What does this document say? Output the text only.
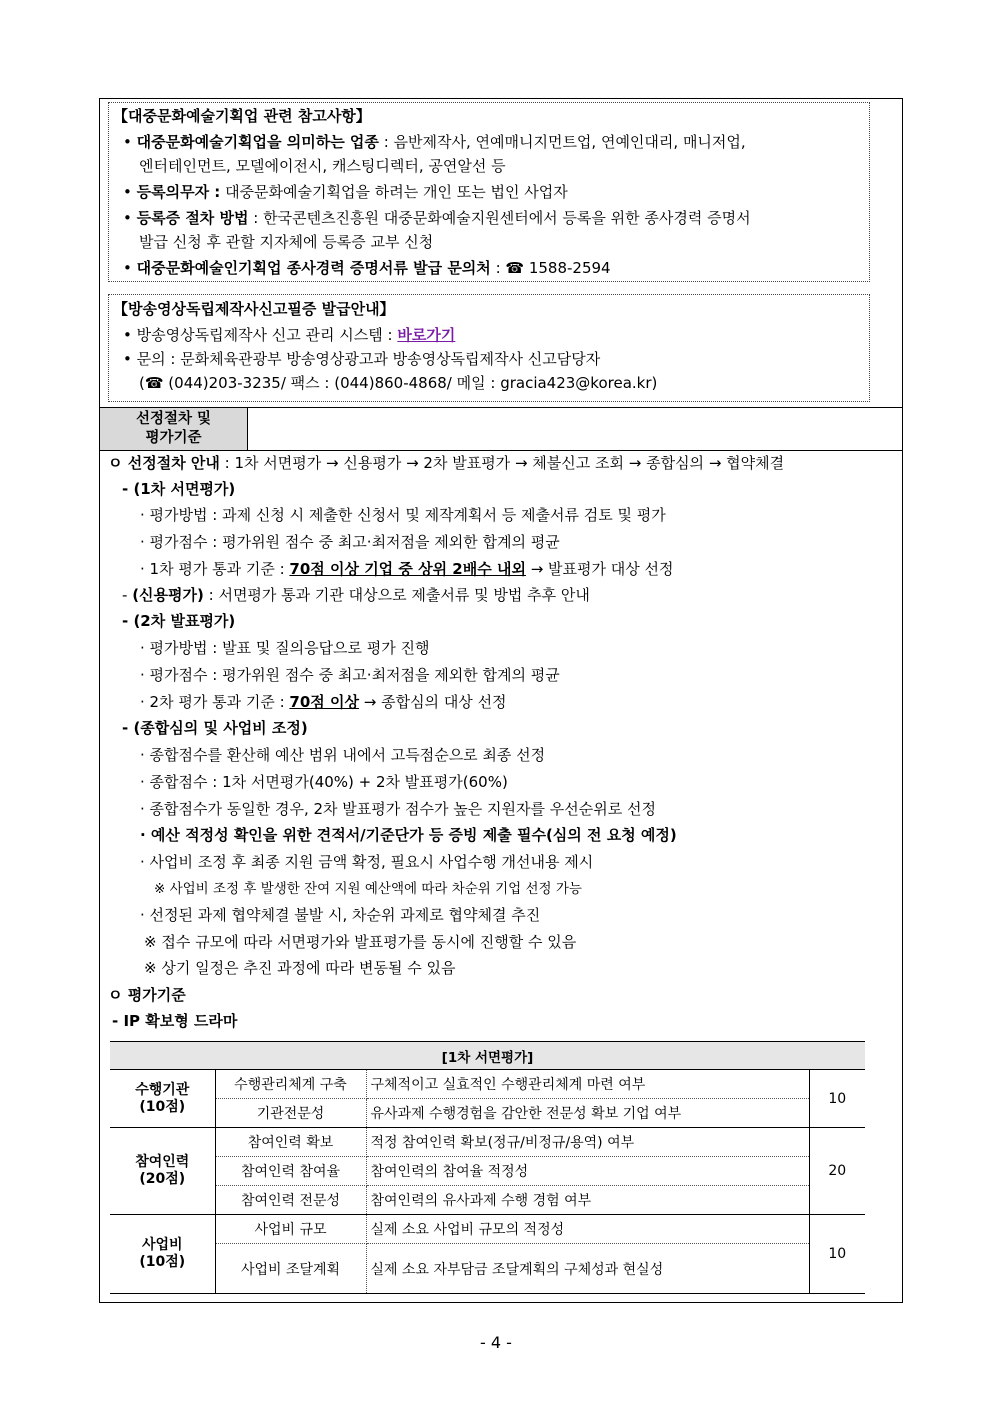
【대중문화예술기획업 관련 참고사항】
• 대중문화예술기획업을 의미하는 업종 : 음반제작사, 연예매니지먼트업, 연예인대리, 매니저업,
엔터테인먼트, 모델에이전시, 캐스팅디렉터, 공연알선 등
• 등록의무자 : 대중문화예술기획업을 하려는 개인 또는 법인 사업자
• 등록증 절차 방법 : 한국콘텐츠진흥원 대중문화예술지원센터에서 등록을 위한 종사경력 증명서
발급 신청 후 관할 지자체에 등록증 교부 신청
• 대중문화예술인기획업 종사경력 증명서류 발급 문의처 : ☎ 1588-2594
【방송영상독립제작사신고필증 발급안내】
• 방송영상독립제작사 신고 관리 시스템 : 바로가기
• 문의 : 문화체육관광부 방송영상광고과 방송영상독립제작사 신고담당자
(☎ (044)203-3235/ 팩스 : (044)860-4868/ 메일 : gracia423@korea.kr)
선정절차 및
평가기준
ㅇ 선정절차 안내 : 1차 서면평가 → 신용평가 → 2차 발표평가 → 체불신고 조회 → 종합심의 → 협약체결
- (1차 서면평가)
· 평가방법 : 과제 신청 시 제출한 신청서 및 제작계획서 등 제출서류 검토 및 평가
· 평가점수 : 평가위원 점수 중 최고·최저점을 제외한 합계의 평균
· 1차 평가 통과 기준 : 70점 이상 기업 중 상위 2배수 내외 → 발표평가 대상 선정
- (신용평가) : 서면평가 통과 기관 대상으로 제출서류 및 방법 추후 안내
- (2차 발표평가)
· 평가방법 : 발표 및 질의응답으로 평가 진행
· 평가점수 : 평가위원 점수 중 최고·최저점을 제외한 합계의 평균
· 2차 평가 통과 기준 : 70점 이상 → 종합심의 대상 선정
- (종합심의 및 사업비 조정)
· 종합점수를 환산해 예산 범위 내에서 고득점순으로 최종 선정
· 종합점수 : 1차 서면평가(40%) + 2차 발표평가(60%)
· 종합점수가 동일한 경우, 2차 발표평가 점수가 높은 지원자를 우선순위로 선정
· 예산 적정성 확인을 위한 견적서/기준단가 등 증빙 제출 필수(심의 전 요청 예정)
· 사업비 조정 후 최종 지원 금액 확정, 필요시 사업수행 개선내용 제시
※ 사업비 조정 후 발생한 잔여 지원 예산액에 따라 차순위 기업 선정 가능
· 선정된 과제 협약체결 불발 시, 차순위 과제로 협약체결 추진
※ 접수 규모에 따라 서면평가와 발표평가를 동시에 진행할 수 있음
※ 상기 일정은 추진 과정에 따라 변동될 수 있음
ㅇ 평가기준
- IP 확보형 드라마
[1차 서면평가]			

수행기관
(10점)	수행관리체계 구축	구체적이고 실효적인 수행관리체계 마련 여부	10
	기관전문성	유사과제 수행경험을 감안한 전문성 확보 기업 여부	

참여인력
(20점)	참여인력 확보	적정 참여인력 확보(정규/비정규/용역) 여부	20
	참여인력 참여율	참여인력의 참여율 적정성	
	참여인력 전문성	참여인력의 유사과제 수행 경험 여부	

사업비
(10점)	사업비 규모	실제 소요 사업비 규모의 적정성	10
	사업비 조달계획	실제 소요 자부담금 조달계획의 구체성과 현실성	
- 4 -
